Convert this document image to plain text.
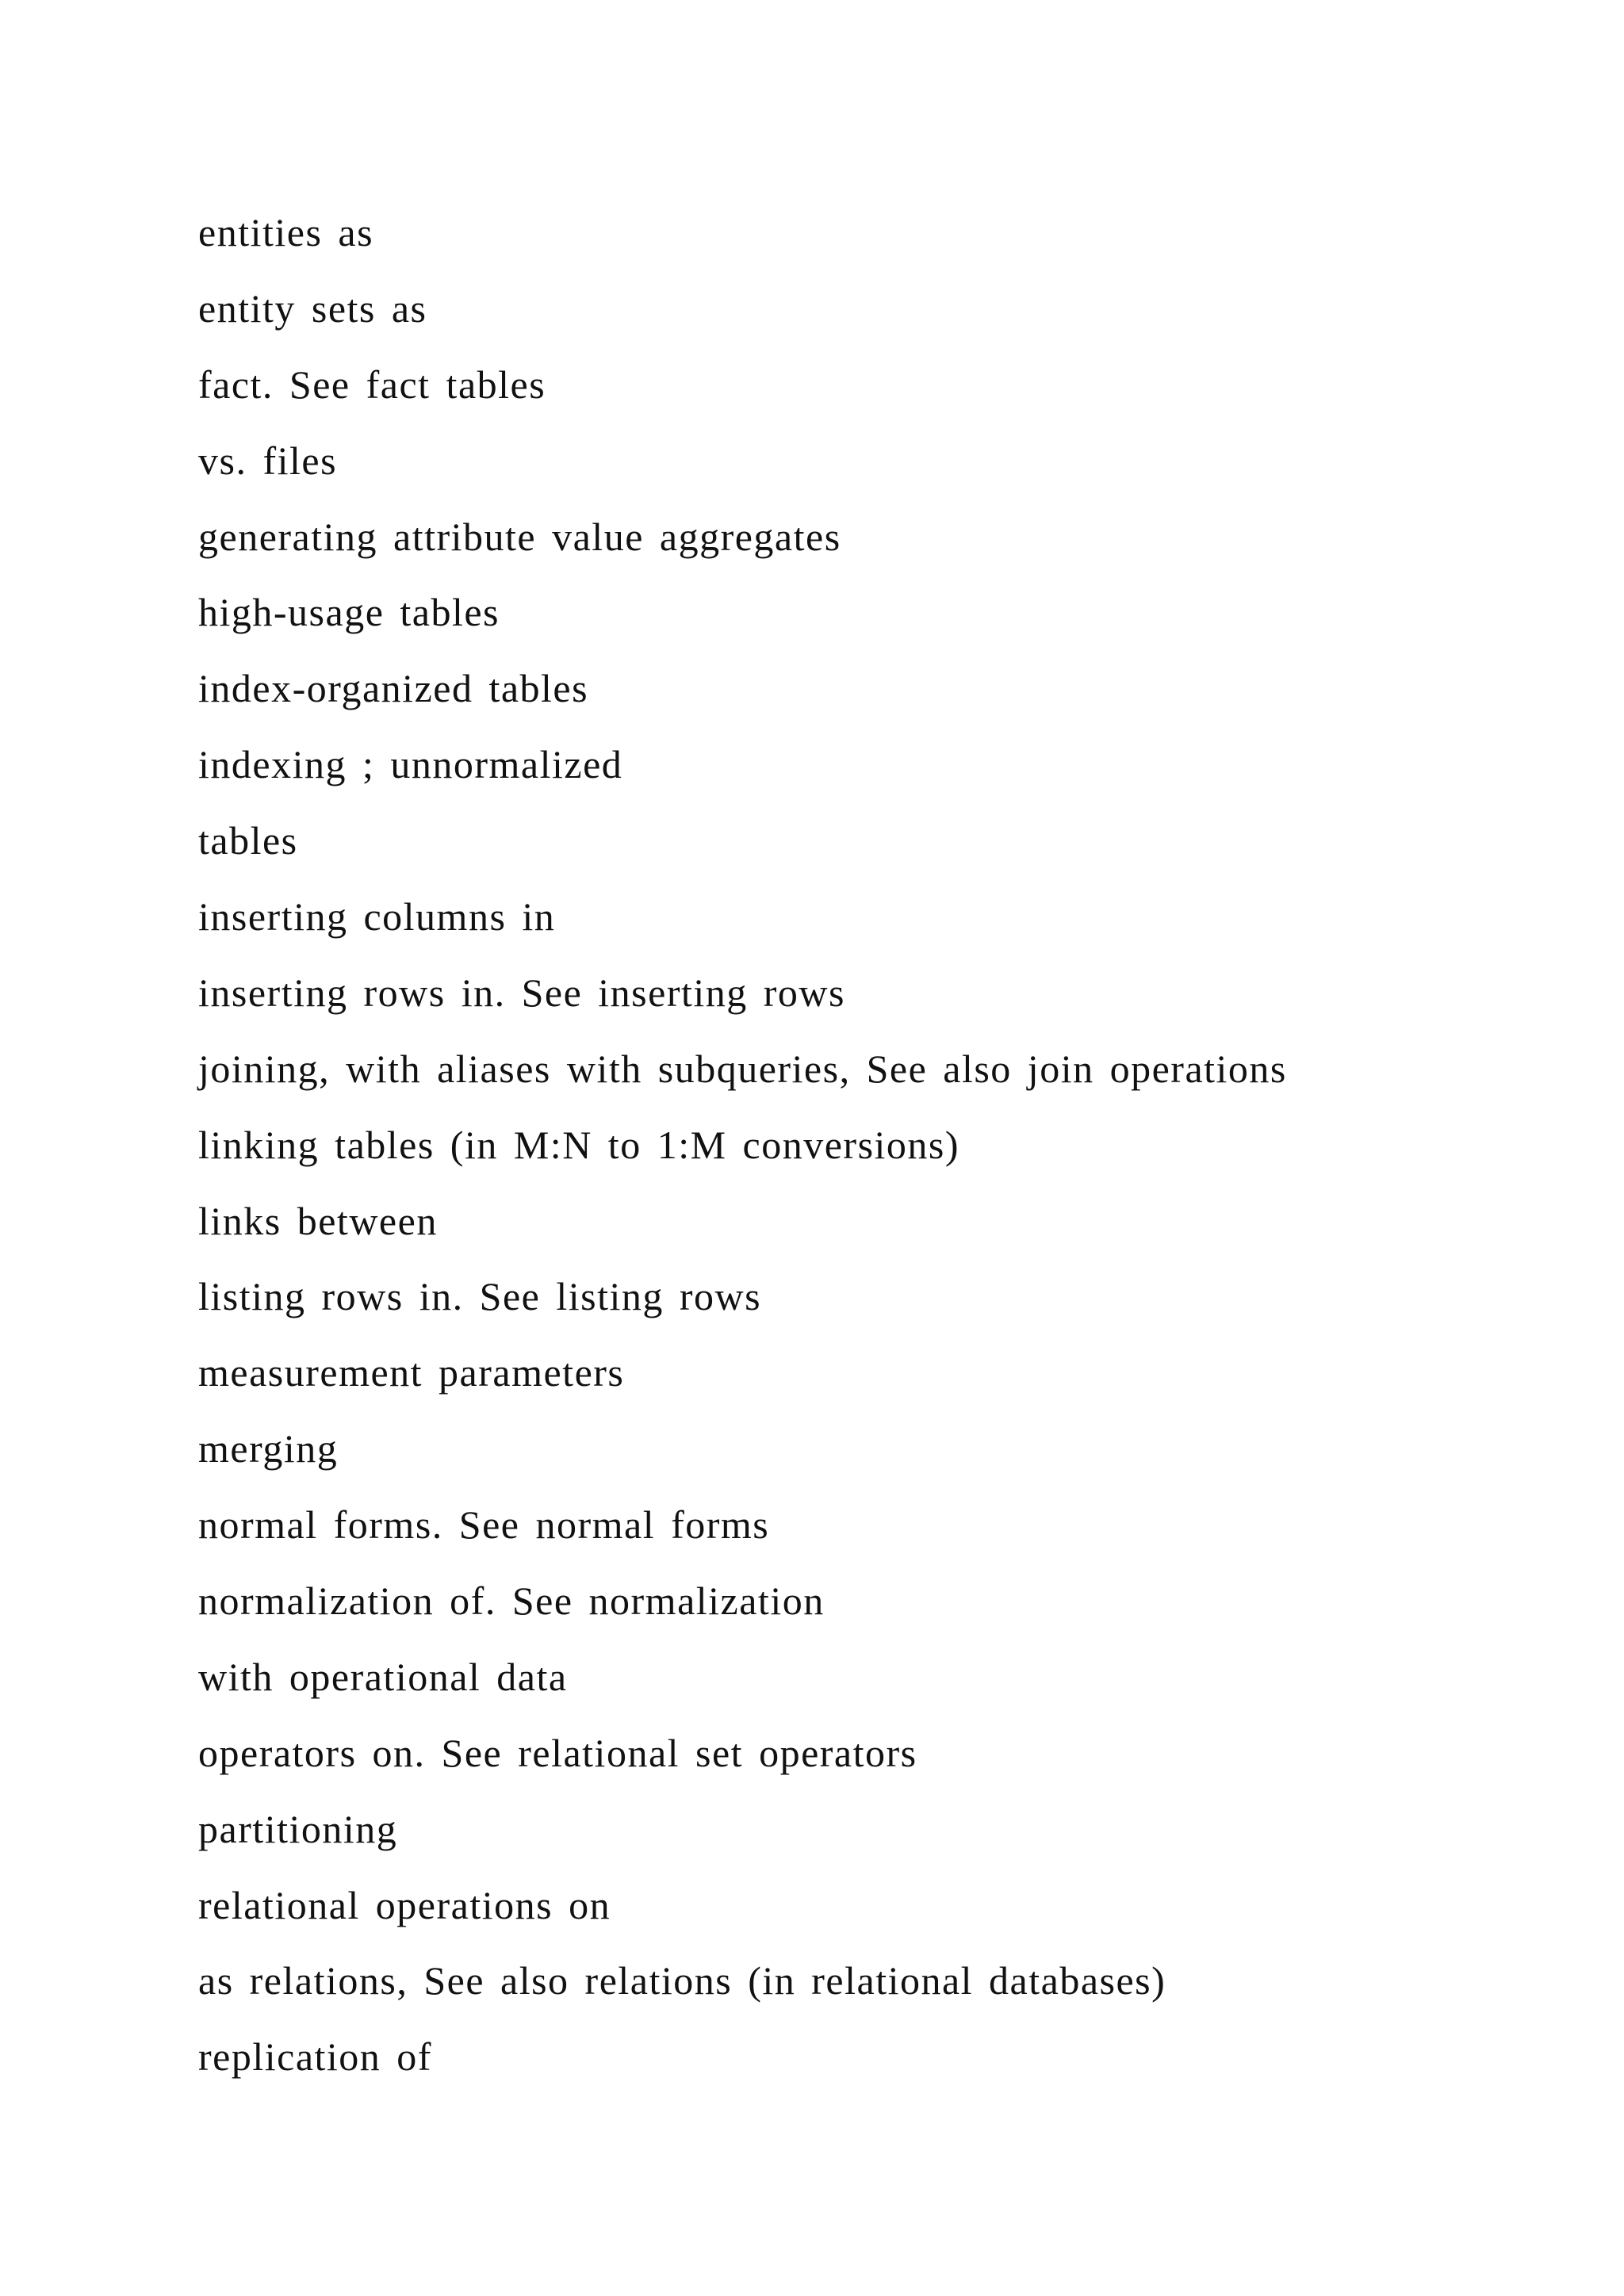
entities as
entity sets as
fact. See fact tables
vs. files
generating attribute value aggregates
high-usage tables
index-organized tables
indexing ; unnormalized
tables
inserting columns in
inserting rows in. See inserting rows
joining, with aliases with subqueries, See also join operations
linking tables (in M:N to 1:M conversions)
links between
listing rows in. See listing rows
measurement parameters
merging
normal forms. See normal forms
normalization of. See normalization
with operational data
operators on. See relational set operators
partitioning
relational operations on
as relations, See also relations (in relational databases)
replication of
